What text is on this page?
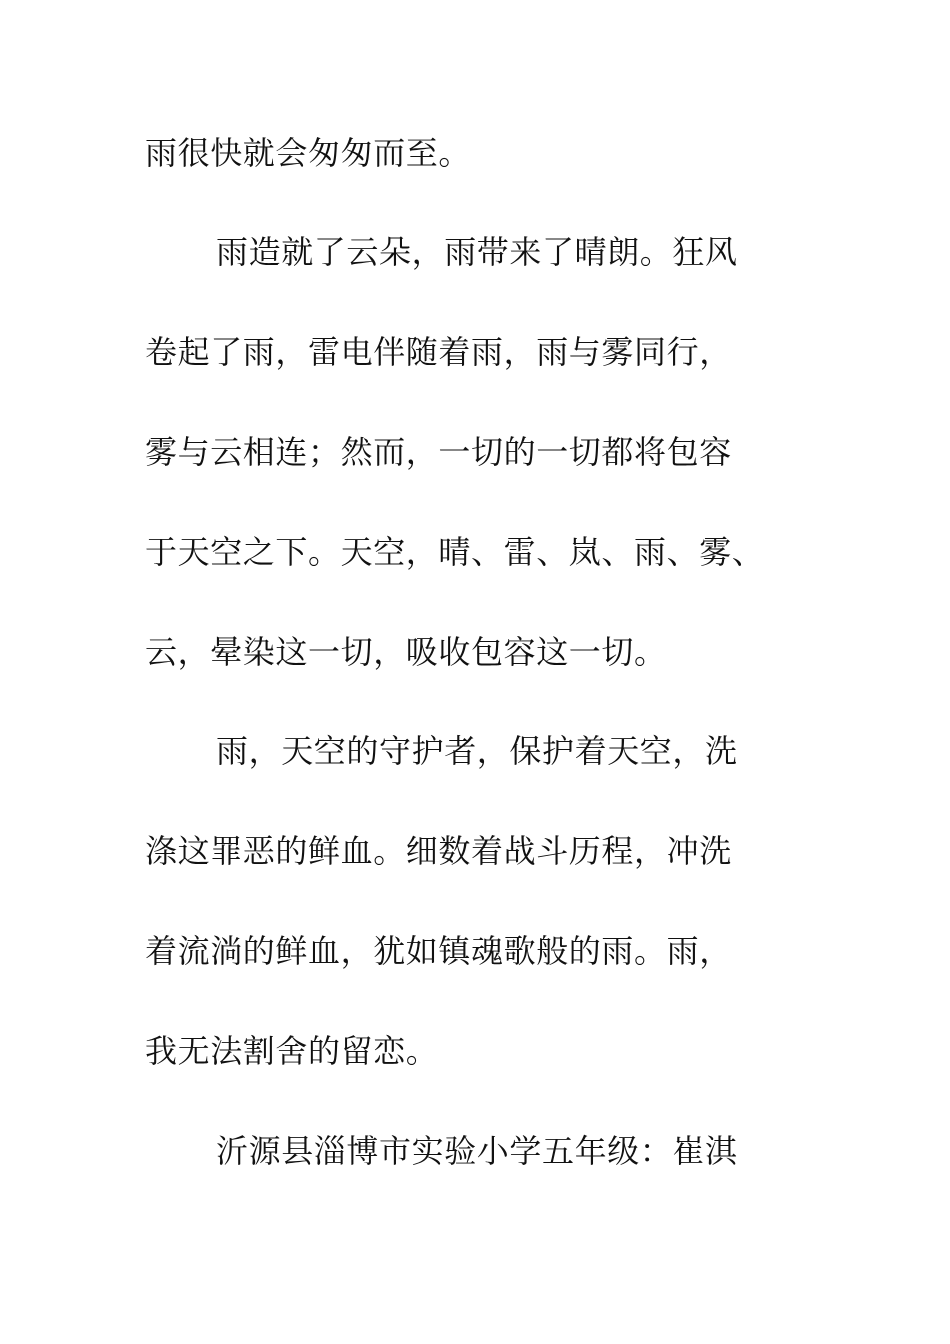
雨很快就会匆匆而至。
雨造就了云朵，雨带来了晴朗。狂风
卷起了雨，雷电伴随着雨，雨与雾同行，
雾与云相连；然而，一切的一切都将包容
于天空之下。天空，晴、雷、岚、雨、雾、
云，晕染这一切，吸收包容这一切。
雨，天空的守护者，保护着天空，洗
涤这罪恶的鲜血。细数着战斗历程，冲洗
着流淌的鲜血，犹如镇魂歌般的雨。雨，
我无法割舍的留恋。
沂源县淄博市实验小学五年级：崔淇
